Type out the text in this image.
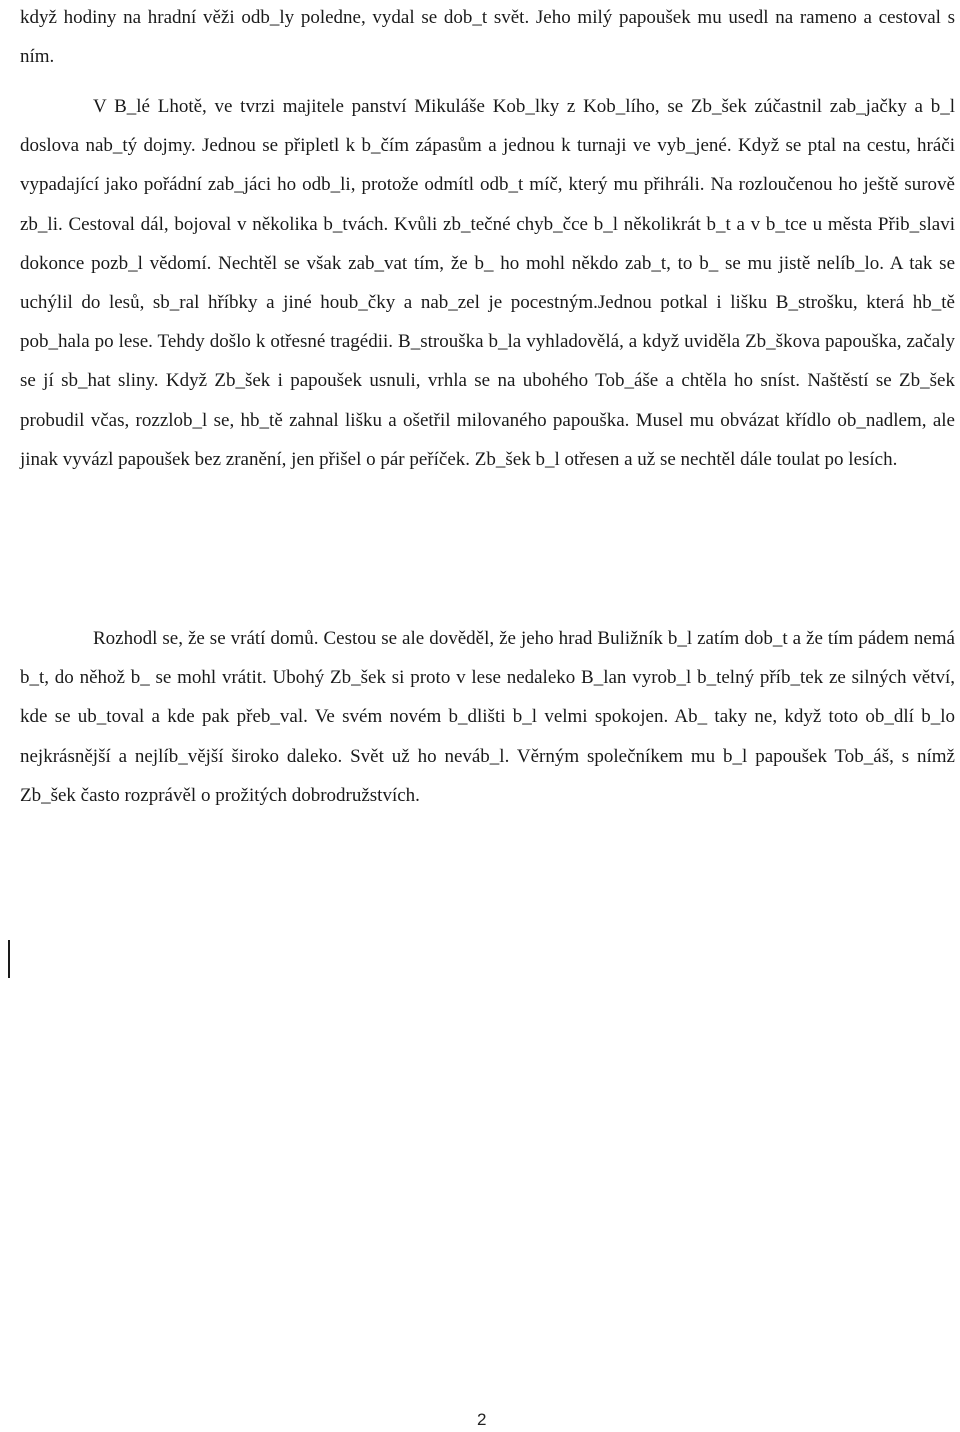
když hodiny na hradní věži odb_ly poledne, vydal se dob_t svět. Jeho milý papoušek mu usedl na rameno a cestoval s ním.

V B_lé Lhotě, ve tvrzi majitele panství Mikuláše Kob_lky z Kob_lího, se Zb_šek zúčastnil zab_jačky a b_l doslova nab_tý dojmy. Jednou se připletl k b_čím zápasům a jednou k turnaji ve vyb_jené. Když se ptal na cestu, hráči vypadající jako pořádní zab_jáci ho odb_li, protože odmítl odb_t míč, který mu přihráli. Na rozloučenou ho ještě surově zb_li. Cestoval dál, bojoval v několika b_tvách. Kvůli zb_tečné chyb_čce b_l několikrát b_t a v b_tce u města Přib_slavi dokonce pozb_l vědomí. Nechtěl se však zab_vat tím, že b_ ho mohl někdo zab_t, to b_ se mu jistě nelíb_lo. A tak se uchýlil do lesů, sb_ral hříbky a jiné houb_čky a nab_zel je pocestným.Jednou potkal i lišku B_strošku, která hb_tě pob_hala po lese. Tehdy došlo k otřesné tragédii. B_strouška b_la vyhladovělá, a když uviděla Zb_škova papouška, začaly se jí sb_hat sliny. Když Zb_šek i papoušek usnuli, vrhla se na ubohého Tob_áše a chtěla ho sníst. Naštěstí se Zb_šek probudil včas, rozzlob_l se, hb_tě zahnal lišku a ošetřil milovaného papouška. Musel mu obvázat křídlo ob_nadlem, ale jinak vyvázl papoušek bez zranění, jen přišel o pár peříček. Zb_šek b_l otřesen a už se nechtěl dále toulat po lesích.

Rozhodl se, že se vrátí domů. Cestou se ale dověděl, že jeho hrad Buližník b_l zatím dob_t a že tím pádem nemá b_t, do něhož b_ se mohl vrátit. Ubohý Zb_šek si proto v lese nedaleko B_lan vyrob_l b_telný příb_tek ze silných větví, kde se ub_toval a kde pak přeb_val. Ve svém novém b_dlišti b_l velmi spokojen. Ab_ taky ne, když toto ob_dlí b_lo nejkrásnější a nejlíb_vější široko daleko. Svět už ho neváb_l. Věrným společníkem mu b_l papoušek Tob_áš, s nímž Zb_šek často rozprávěl o prožitých dobrodružstvích.

2
